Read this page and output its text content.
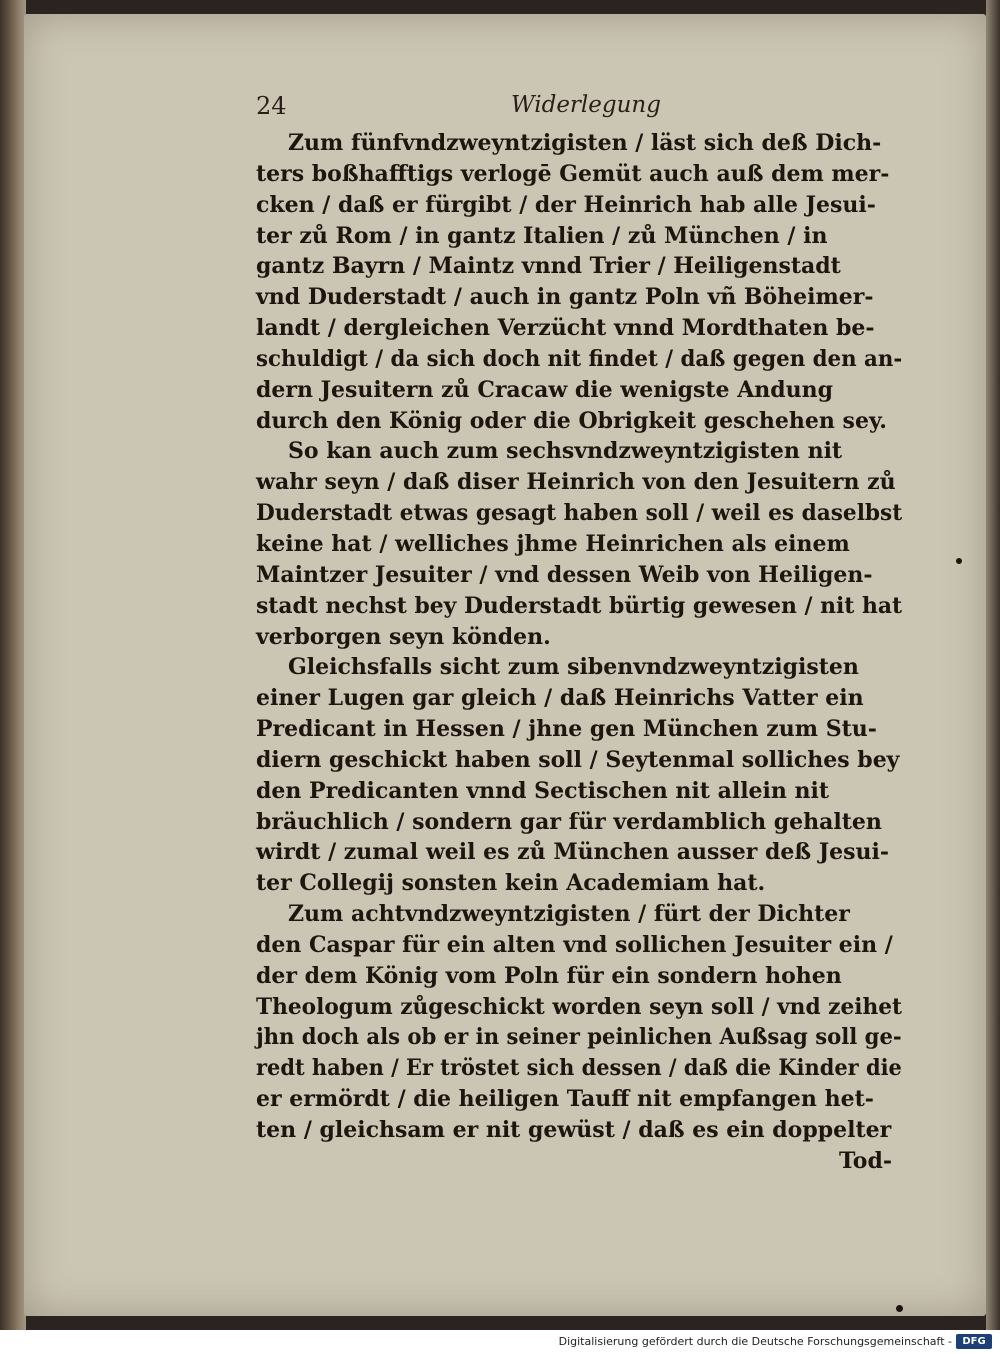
24	Widerlegung
Zum fünfvndzweyntzigisten / läst sich deß Dich-
ters boßhafftigs verlogē Gemüt auch auß dem mer-
cken / daß er fürgibt / der Heinrich hab alle Jesui-
ter zů Rom / in gantz Italien / zů München / in
gantz Bayrn / Maintz vnnd Trier / Heiligenstadt
vnd Duderstadt / auch in gantz Poln vñ Böheimer-
landt / dergleichen Verzücht vnnd Mordthaten be-
schuldigt / da sich doch nit findet / daß gegen den an-
dern Jesuitern zů Cracaw die wenigste Andung
durch den König oder die Obrigkeit geschehen sey.
So kan auch zum sechsvndzweyntzigisten nit
wahr seyn / daß diser Heinrich von den Jesuitern zů
Duderstadt etwas gesagt haben soll / weil es daselbst
keine hat / welliches jhme Heinrichen als einem
Maintzer Jesuiter / vnd dessen Weib von Heiligen-
stadt nechst bey Duderstadt bürtig gewesen / nit hat
verborgen seyn könden.
Gleichsfalls sicht zum sibenvndzweyntzigisten
einer Lugen gar gleich / daß Heinrichs Vatter ein
Predicant in Hessen / jhne gen München zum Stu-
diern geschickt haben soll / Seytenmal solliches bey
den Predicanten vnnd Sectischen nit allein nit
bräuchlich / sondern gar für verdamblich gehalten
wirdt / zumal weil es zů München ausser deß Jesui-
ter Collegij sonsten kein Academiam hat.
Zum achtvndzweyntzigisten / fürt der Dichter
den Caspar für ein alten vnd sollichen Jesuiter ein /
der dem König vom Poln für ein sondern hohen
Theologum zůgeschickt worden seyn soll / vnd zeihet
jhn doch als ob er in seiner peinlichen Außsag soll ge-
redt haben / Er tröstet sich dessen / daß die Kinder die
er ermördt / die heiligen Tauff nit empfangen het-
ten / gleichsam er nit gewüst / daß es ein doppelter
Tod-
Digitalisierung gefördert durch die Deutsche Forschungsgemeinschaft -	DFG
